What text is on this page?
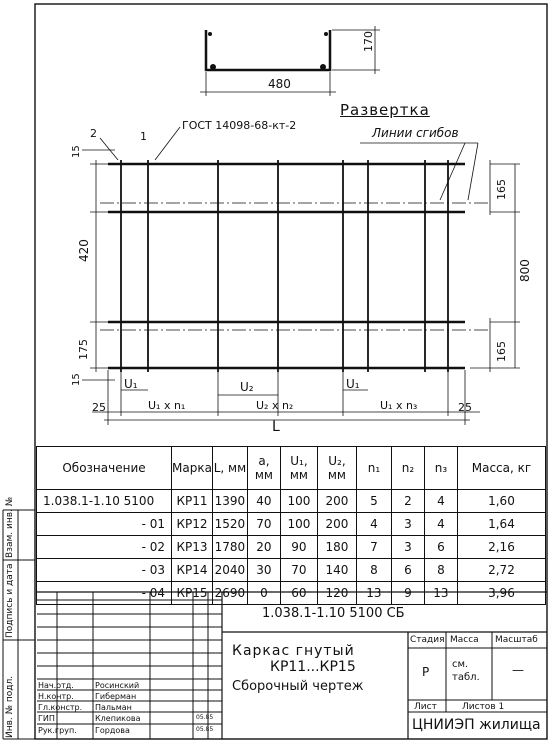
480
170
Развертка
ГОСТ 14098-68-кт-2
1
2	Линии сгибов
15
420
175
15
165
800
165
U₁	U₂	U₁
25	U₁ x n₁	U₂ x n₂	U₁ x n₃	25
L
Инв. № подл.
Подпись и дата
Взам. инв. №
Обозначение	Марка	L, мм	a, мм	U₁, мм	U₂, мм	n₁	n₂	n₃	Масса, кг
1.038.1-1.10 5100	КР11	1390	40	100	200	5	2	4	1,60
- 01	КР12	1520	70	100	200	4	3	4	1,64
- 02	КР13	1780	20	90	180	7	3	6	2,16
- 03	КР14	2040	30	70	140	8	6	8	2,72
- 04	КР15	2690	0	60	120	13	9	13	3,96
1.038.1-1.10 5100 СБ
Каркас гнутый
КР11...КР15
Сборочный чертеж
Стадия Масса Масштаб
Р
см. табл.
—
Лист	Листов 1
ЦНИИЭП жилища
Нач.отд.	Росинский
Н.контр.	Гиберман
Гл.констр. Пальман
ГИП	Клепикова	05.85
Рук.груп. Гордова	05.85
